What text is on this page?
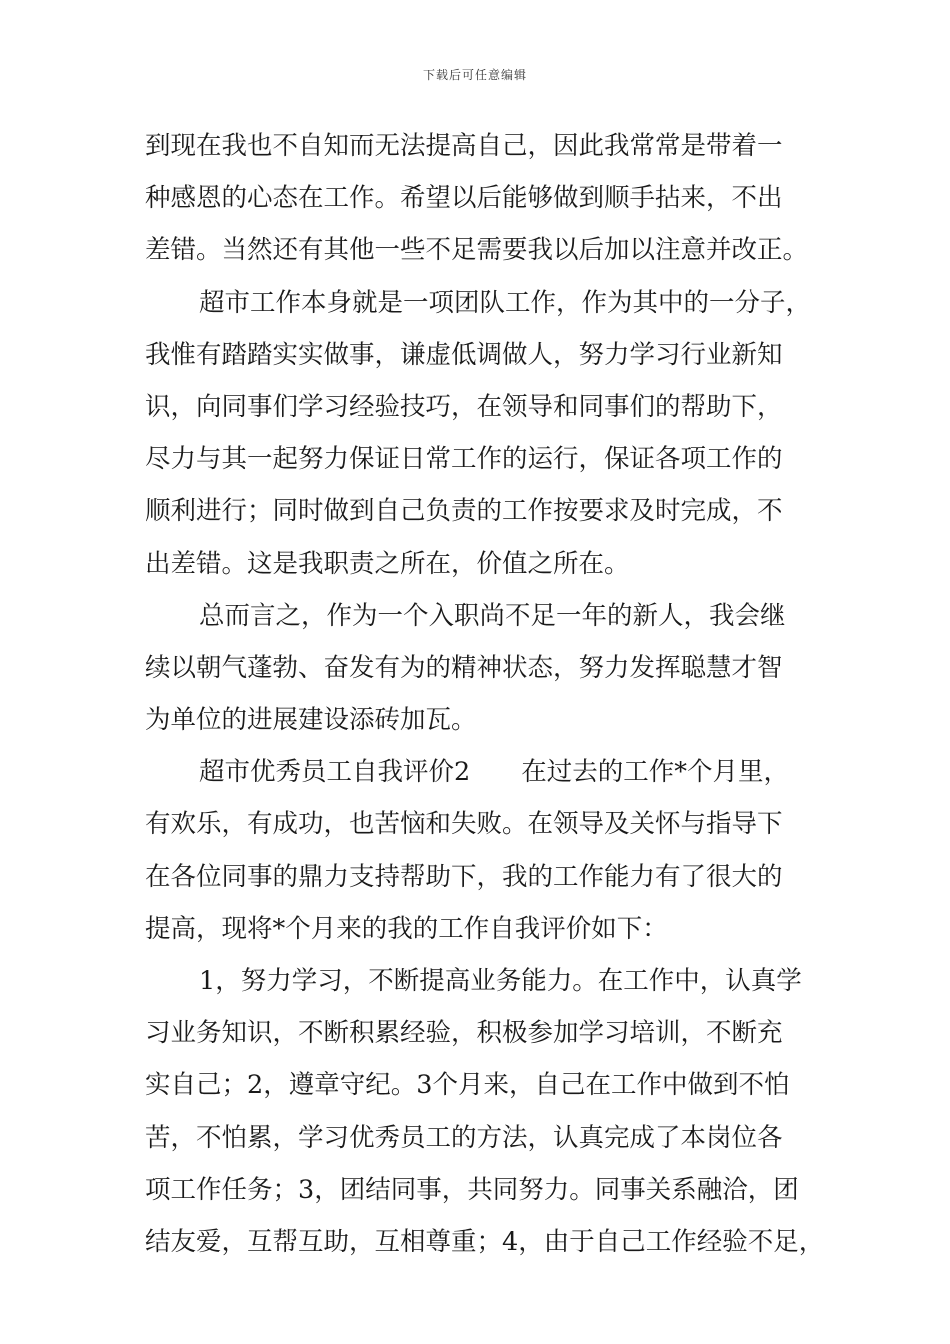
下载后可任意编辑
到现在我也不自知而无法提高自己，因此我常常是带着一
种感恩的心态在工作。希望以后能够做到顺手拈来，不出
差错。当然还有其他一些不足需要我以后加以注意并改正。
超市工作本身就是一项团队工作，作为其中的一分子，
我惟有踏踏实实做事，谦虚低调做人，努力学习行业新知
识，向同事们学习经验技巧，在领导和同事们的帮助下，
尽力与其一起努力保证日常工作的运行，保证各项工作的
顺利进行；同时做到自己负责的工作按要求及时完成，不
出差错。这是我职责之所在，价值之所在。
总而言之，作为一个入职尚不足一年的新人，我会继
续以朝气蓬勃、奋发有为的精神状态，努力发挥聪慧才智
为单位的进展建设添砖加瓦。
超市优秀员工自我评价2　　在过去的工作*个月里，
有欢乐，有成功，也苦恼和失败。在领导及关怀与指导下
在各位同事的鼎力支持帮助下，我的工作能力有了很大的
提高，现将*个月来的我的工作自我评价如下：
1，努力学习，不断提高业务能力。在工作中，认真学
习业务知识，不断积累经验，积极参加学习培训，不断充
实自己；2，遵章守纪。3个月来，自己在工作中做到不怕
苦，不怕累，学习优秀员工的方法，认真完成了本岗位各
项工作任务；3，团结同事，共同努力。同事关系融洽，团
结友爱，互帮互助，互相尊重；4，由于自己工作经验不足，
